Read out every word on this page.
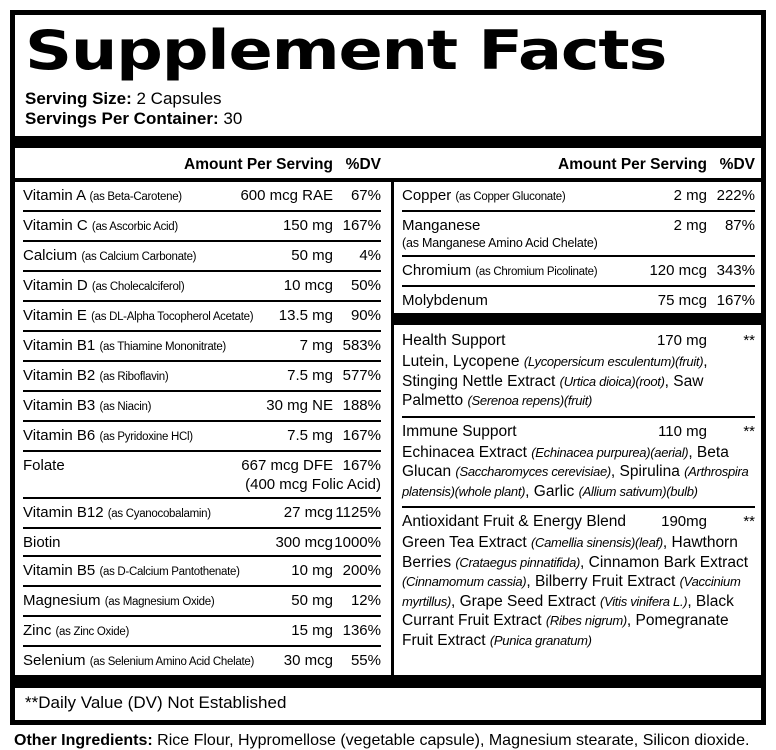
Supplement Facts
Serving Size: 2 Capsules
Servings Per Container: 30
Amount Per Serving %DV	Amount Per Serving %DV
Vitamin A (as Beta-Carotene)	600 mcg RAE	67%
Vitamin C (as Ascorbic Acid)	150 mg 167%
Calcium (as Calcium Carbonate)	50 mg	4%
Vitamin D (as Cholecalciferol)	10 mcg	50%
Vitamin E (as DL-Alpha Tocopherol Acetate) 13.5 mg	90%
Vitamin B1 (as Thiamine Mononitrate)	7 mg 583%
Vitamin B2 (as Riboflavin)	7.5 mg 577%
Vitamin B3 (as Niacin)	30 mg NE 188%
Vitamin B6 (as Pyridoxine HCl)	7.5 mg 167%
Folate	667 mcg DFE 167%
(400 mcg Folic Acid)
Vitamin B12 (as Cyanocobalamin)	27 mcg 1125%
Biotin	300 mcg 1000%
Vitamin B5 (as D-Calcium Pantothenate)	10 mg 200%
Magnesium (as Magnesium Oxide)	50 mg	12%
Zinc (as Zinc Oxide)	15 mg 136%
Selenium (as Selenium Amino Acid Chelate) 30 mcg	55%
Copper (as Copper Gluconate)	2 mg 222%
Manganese	2 mg	87%
(as Manganese Amino Acid Chelate)
Chromium (as Chromium Picolinate)	120 mcg 343%
Molybdenum	75 mcg 167%
Health Support	170 mg	**
Lutein, Lycopene (Lycopersicum esculentum)(fruit), Stinging Nettle Extract (Urtica dioica)(root), Saw Palmetto (Serenoa repens)(fruit)
Immune Support	110 mg	**
Echinacea Extract (Echinacea purpurea)(aerial), Beta Glucan (Saccharomyces cerevisiae), Spirulina (Arthrospira platensis)(whole plant), Garlic (Allium sativum)(bulb)
Antioxidant Fruit & Energy Blend 190mg	**
Green Tea Extract (Camellia sinensis)(leaf), Hawthorn Berries (Crataegus pinnatifida), Cinnamon Bark Extract (Cinnamomum cassia), Bilberry Fruit Extract (Vaccinium myrtillus), Grape Seed Extract (Vitis vinifera L.), Black Currant Fruit Extract (Ribes nigrum), Pomegranate Fruit Extract (Punica granatum)
**Daily Value (DV) Not Established
Other Ingredients: Rice Flour, Hypromellose (vegetable capsule), Magnesium stearate, Silicon dioxide.
